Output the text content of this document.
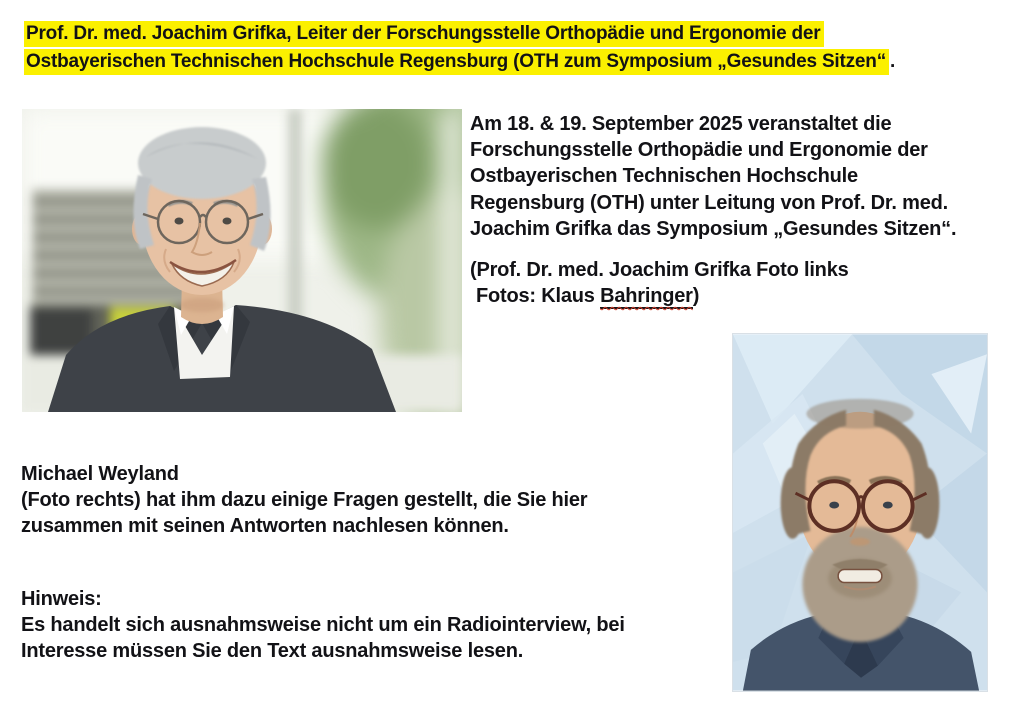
Prof. Dr. med. Joachim Grifka, Leiter der Forschungsstelle Orthopädie und Ergonomie der
Ostbayerischen Technischen Hochschule Regensburg (OTH zum Symposium „Gesundes Sitzen“ .
Am 18. & 19. September 2025 veranstaltet die
Forschungsstelle Orthopädie und Ergonomie der
Ostbayerischen Technischen Hochschule
Regensburg (OTH) unter Leitung von Prof. Dr. med.
Joachim Grifka das Symposium „Gesundes Sitzen“.
(Prof. Dr. med. Joachim Grifka Foto links
Fotos: Klaus Bahringer)
Michael Weyland
(Foto rechts) hat ihm dazu einige Fragen gestellt, die Sie hier
zusammen mit seinen Antworten nachlesen können.
Hinweis:
Es handelt sich ausnahmsweise nicht um ein Radiointerview, bei
Interesse müssen Sie den Text ausnahmsweise lesen.
